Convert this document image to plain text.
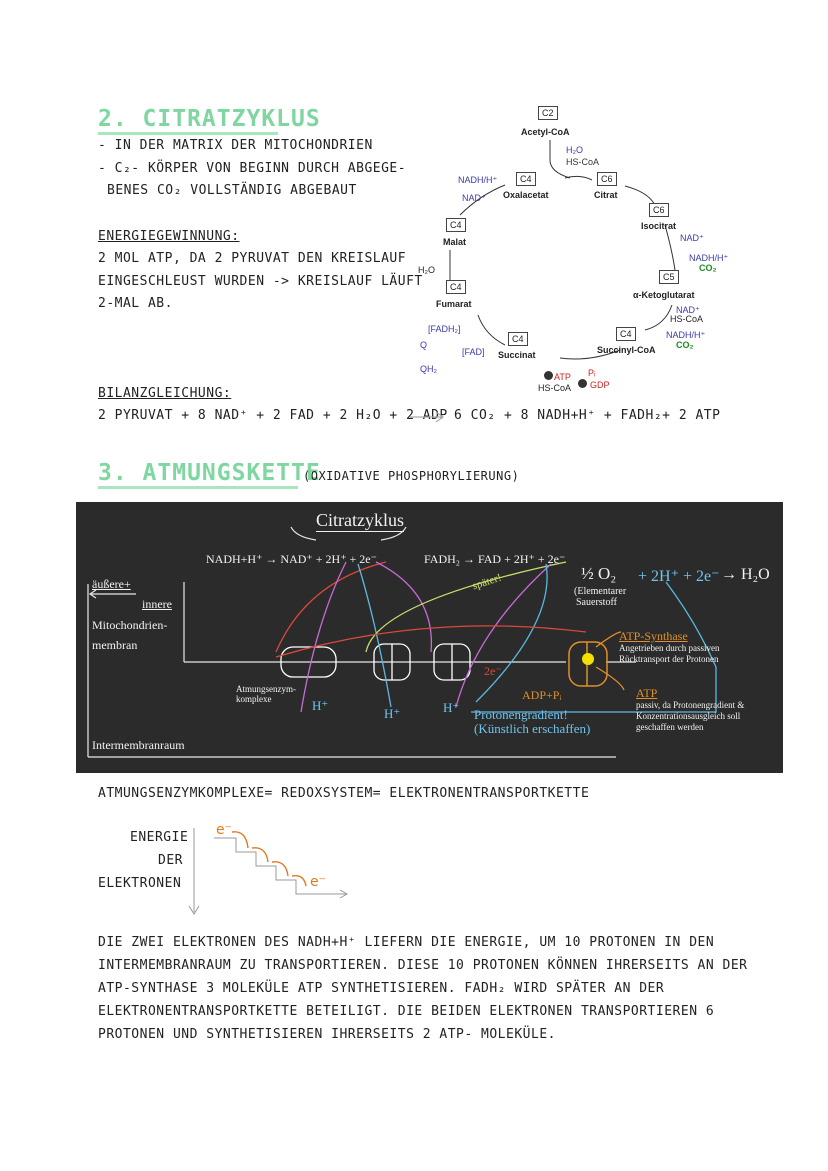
2. CITRATZYKLUS
- IN DER MATRIX DER MITOCHONDRIEN
- C₂- KÖRPER VON BEGINN DURCH ABGEGE-
BENES CO₂ VOLLSTÄNDIG ABGEBAUT
ENERGIEGEWINNUNG:
2 MOL ATP, DA 2 PYRUVAT DEN KREISLAUF
EINGESCHLEUST WURDEN -> KREISLAUF LÄUFT
2-MAL AB.
BILANZGLEICHUNG:
2 PYRUVAT + 8 NAD⁺ + 2 FAD + 2 H₂O + 2 ADP 6 CO₂ + 8 NADH+H⁺ + FADH₂+ 2 ATP
C2
Acetyl-CoA
H₂O
HS-CoA
C4
Oxalacetat
C6
Citrat
NADH/H⁺
NAD⁺
C6
Isocitrat
NAD⁺
NADH/H⁺
CO₂
C5
α-Ketoglutarat
NAD⁺
HS-CoA
NADH/H⁺
CO₂
C4
Succinyl-CoA
C4
Succinat
ATP
HS-CoA
Pᵢ
GDP
[FADH₂]
[FAD]
Q
QH₂
C4
Fumarat
H₂O
C4
Malat
3. ATMUNGSKETTE
(OXIDATIVE PHOSPHORYLIERUNG)
Citratzyklus
NADH+H⁺ → NAD⁺ + 2H⁺ + 2e⁻	FADH₂ → FAD + 2H⁺ + 2e⁻
äußere+
innere
Mitochondrien-
membran
später!	½ O₂
(Elementarer
Sauerstoff
+ 2H⁺ + 2e⁻ → H₂O
ATP-Synthase
Angetrieben durch passiven
Rücktransport der Protonen
ADP+Pᵢ	ATP
passiv, da Protonengradient &
Konzentrationsausgleich soll
geschaffen werden
Atmungsenzym-
komplexe	H⁺
H⁺	H⁺
2e⁻
Protonengradient!
(Künstlich erschaffen)
Intermembranraum
ATMUNGSENZYMKOMPLEXE= REDOXSYSTEM= ELEKTRONENTRANSPORTKETTE
ENERGIE
DER
ELEKTRONEN
e⁻
e⁻
DIE ZWEI ELEKTRONEN DES NADH+H⁺ LIEFERN DIE ENERGIE, UM 10 PROTONEN IN DEN
INTERMEMBRANRAUM ZU TRANSPORTIEREN. DIESE 10 PROTONEN KÖNNEN IHRERSEITS AN DER
ATP-SYNTHASE 3 MOLEKÜLE ATP SYNTHETISIEREN. FADH₂ WIRD SPÄTER AN DER
ELEKTRONENTRANSPORTKETTE BETEILIGT. DIE BEIDEN ELEKTRONEN TRANSPORTIEREN 6
PROTONEN UND SYNTHETISIEREN IHRERSEITS 2 ATP- MOLEKÜLE.
